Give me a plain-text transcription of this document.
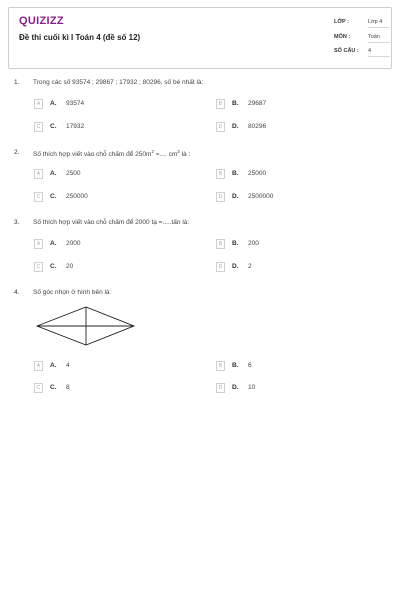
QUIZIZZ
Đề thi cuối kì I Toán 4 (đề số 12)
LỚP :	Lớp 4
MÔN :	Toán
SỐ CÂU : 4
1. Trong các số 93574 ; 29867 ; 17932 ; 80296, số bé nhất là:
A	A. 93574	B	B. 29687
C	C. 17932	D	D. 80296
2. Số thích hợp viết vào chỗ chấm để $250m^2$ =.... $cm^2$ là :
A	A. 2500	B	B. 25000
C	C. 250000	D	D. 2500000
3. Số thích hợp viết vào chỗ chấm để 2000 tạ =.....tấn là:
A	A. 2000	B	B. 200
C	C. 20	D	D. 2
4. Số góc nhọn ở hình bên là:
A	A. 4	B	B. 6
C	C. 8	D	D. 10
